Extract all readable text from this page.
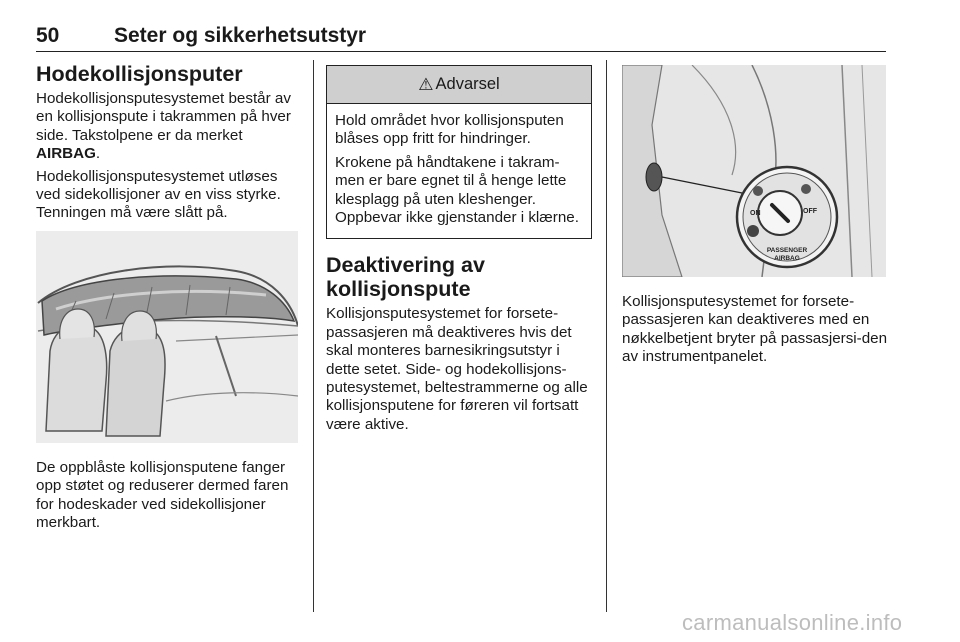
50	Seter og sikkerhetsutstyr
Hodekollisjonsputer

Hodekollisjonsputesystemet består av en kollisjonspute i takrammen på hver side. Takstolpene er da merket AIRBAG.

Hodekollisjonsputesystemet utløses ved sidekollisjoner av en viss styrke. Tenningen må være slått på.

De oppblåste kollisjonsputene fanger opp støtet og reduserer dermed faren for hodeskader ved sidekollisjoner merkbart.

⚠ Advarsel

Hold området hvor kollisjonsputen blåses opp fritt for hindringer.

Krokene på håndtakene i takram-men er bare egnet til å henge lette klesplagg på uten kleshenger. Oppbevar ikke gjenstander i klærne.

Deaktivering av kollisjonspute

Kollisjonsputesystemet for forsete-passasjeren må deaktiveres hvis det skal monteres barnesikringsutstyr i dette setet. Side- og hodekollisjons-putesystemet, beltestrammerne og alle kollisjonsputene for føreren vil fortsatt være aktive.

ON	OFF
PASSENGER
AIRBAG

Kollisjonsputesystemet for forsete-passasjeren kan deaktiveres med en nøkkelbetjent bryter på passasjersi-den av instrumentpanelet.

carmanualsonline.info
